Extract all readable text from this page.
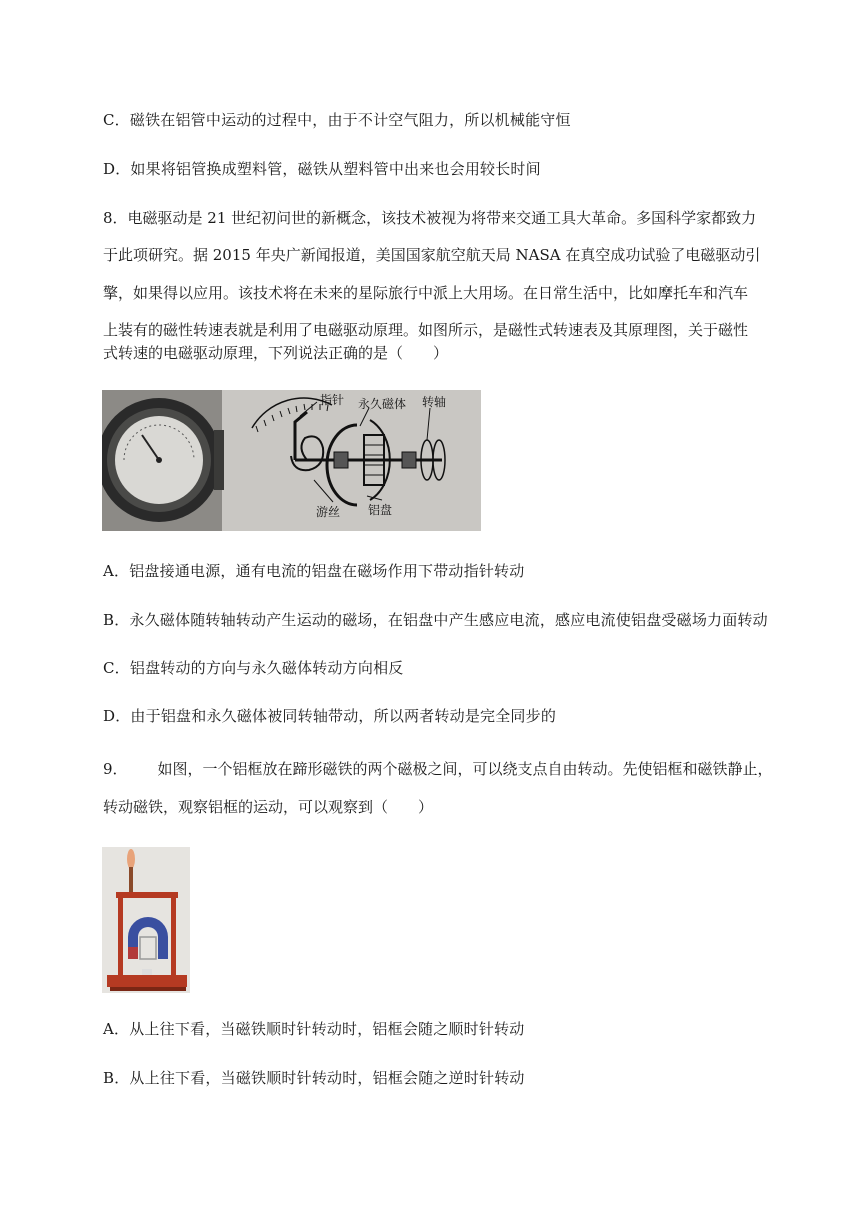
C．磁铁在铝管中运动的过程中，由于不计空气阻力，所以机械能守恒
D．如果将铝管换成塑料管，磁铁从塑料管中出来也会用较长时间
8．电磁驱动是 21 世纪初问世的新概念，该技术被视为将带来交通工具大革命。多国科学家都致力
于此项研究。据 2015 年央广新闻报道，美国国家航空航天局 NASA 在真空成功试验了电磁驱动引
擎，如果得以应用。该技术将在未来的星际旅行中派上大用场。在日常生活中，比如摩托车和汽车
上装有的磁性转速表就是利用了电磁驱动原理。如图所示，是磁性式转速表及其原理图，关于磁性
式转速的电磁驱动原理，下列说法正确的是（　　）
指针 永久磁体 转轴
游丝 铝盘
A．铝盘接通电源，通有电流的铝盘在磁场作用下带动指针转动
B．永久磁体随转轴转动产生运动的磁场，在铝盘中产生感应电流，感应电流使铝盘受磁场力面转动
C．铝盘转动的方向与永久磁体转动方向相反
D．由于铝盘和永久磁体被同转轴带动，所以两者转动是完全同步的
9． 如图，一个铝框放在蹄形磁铁的两个磁极之间，可以绕支点自由转动。先使铝框和磁铁静止，
转动磁铁，观察铝框的运动，可以观察到（　　）
A．从上往下看，当磁铁顺时针转动时，铝框会随之顺时针转动
B．从上往下看，当磁铁顺时针转动时，铝框会随之逆时针转动
